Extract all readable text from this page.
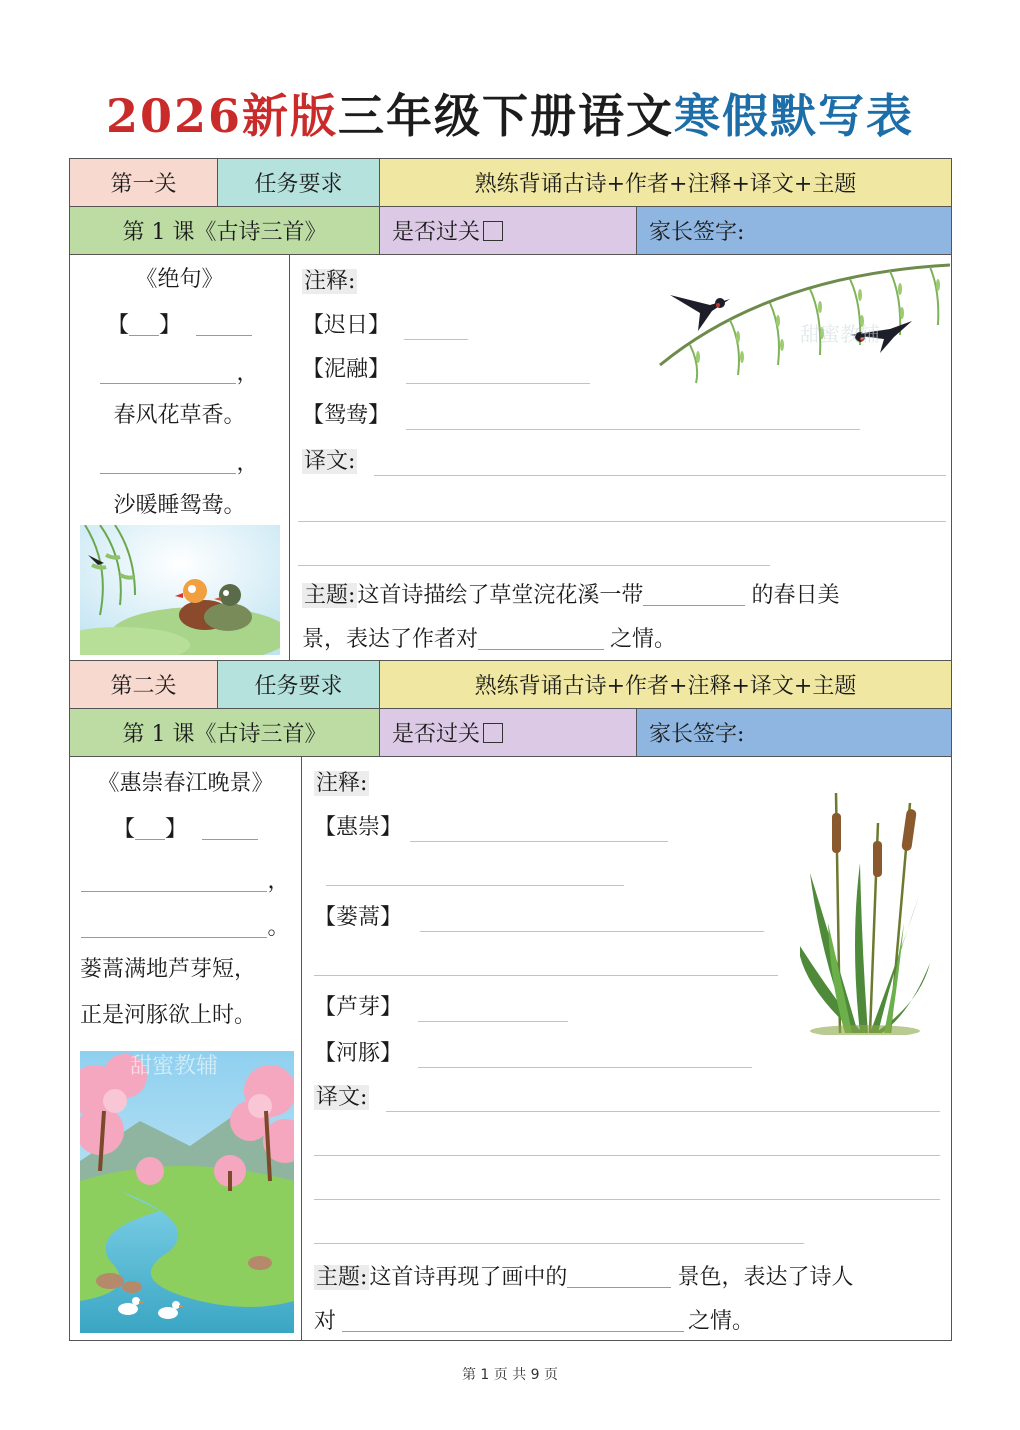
2026新版三年级下册语文寒假默写表
第一关	任务要求	熟练背诵古诗+作者+注释+译文+主题
第 1 课《古诗三首》	是否过关	家长签字:
《绝句》
【 】
，
春风花草香。
，
沙暖睡鸳鸯。
注释:
【迟日】
【泥融】
【鸳鸯】
译文:
主题:这首诗描绘了草堂浣花溪一带	的春日美
景，表达了作者对	之情。
甜蜜教辅
第二关	任务要求	熟练背诵古诗+作者+注释+译文+主题
第 1 课《古诗三首》	是否过关	家长签字:
《惠崇春江晚景》
【 】
，
。
蒌蒿满地芦芽短，
正是河豚欲上时。
甜蜜教辅
注释:
【惠崇】
【蒌蒿】
【芦芽】
【河豚】
译文:
主题:这首诗再现了画中的	景色，表达了诗人
对	之情。
第 1 页 共 9 页
